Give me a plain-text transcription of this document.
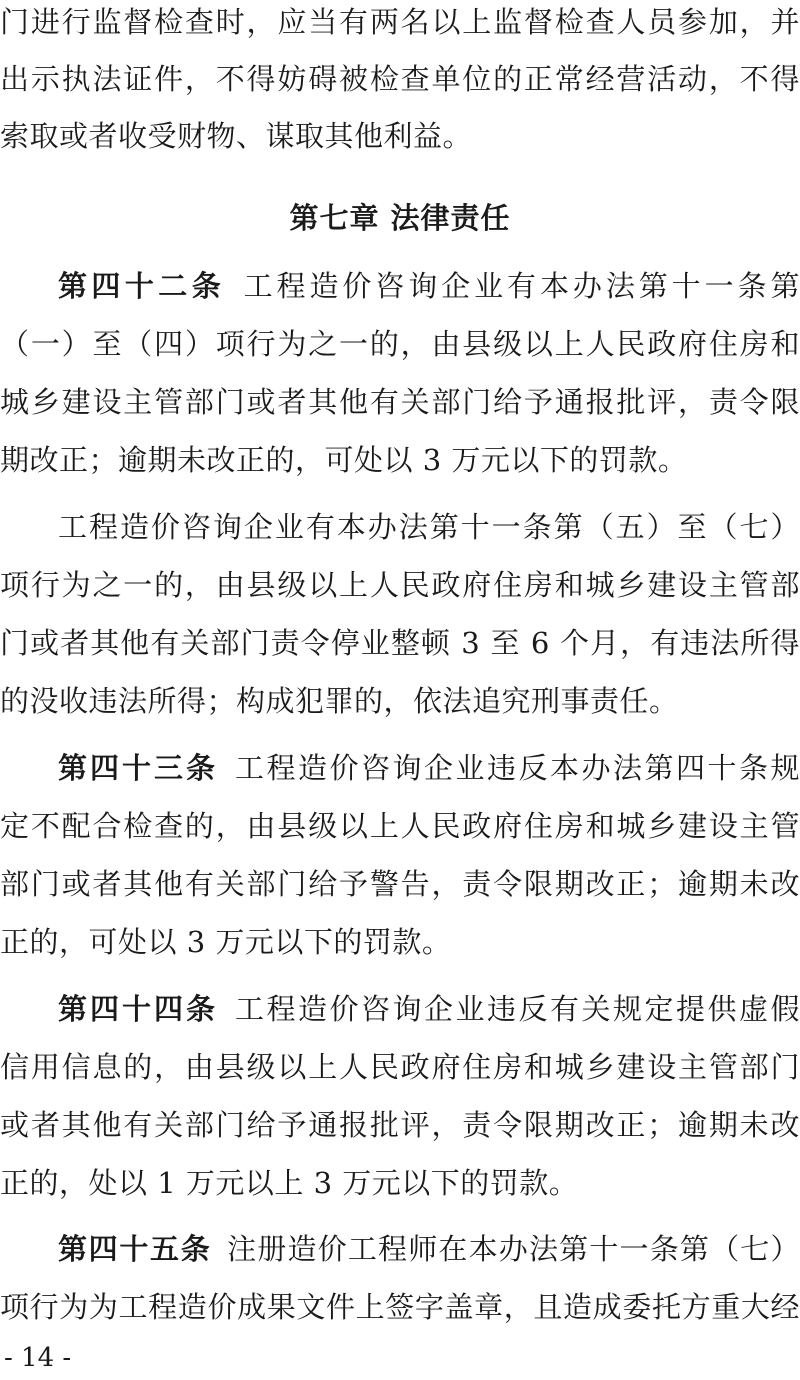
门进行监督检查时，应当有两名以上监督检查人员参加，并
出示执法证件，不得妨碍被检查单位的正常经营活动，不得
索取或者收受财物、谋取其他利益。
第七章 法律责任
第四十二条  工程造价咨询企业有本办法第十一条第
（一）至（四）项行为之一的，由县级以上人民政府住房和
城乡建设主管部门或者其他有关部门给予通报批评，责令限
期改正；逾期未改正的，可处以 3 万元以下的罚款。
工程造价咨询企业有本办法第十一条第（五）至（七）
项行为之一的，由县级以上人民政府住房和城乡建设主管部
门或者其他有关部门责令停业整顿 3 至 6 个月，有违法所得
的没收违法所得；构成犯罪的，依法追究刑事责任。
第四十三条  工程造价咨询企业违反本办法第四十条规
定不配合检查的，由县级以上人民政府住房和城乡建设主管
部门或者其他有关部门给予警告，责令限期改正；逾期未改
正的，可处以 3 万元以下的罚款。
第四十四条  工程造价咨询企业违反有关规定提供虚假
信用信息的，由县级以上人民政府住房和城乡建设主管部门
或者其他有关部门给予通报批评，责令限期改正；逾期未改
正的，处以 1 万元以上 3 万元以下的罚款。
第四十五条  注册造价工程师在本办法第十一条第（七）
项行为为工程造价成果文件上签字盖章，且造成委托方重大经
- 14 -
